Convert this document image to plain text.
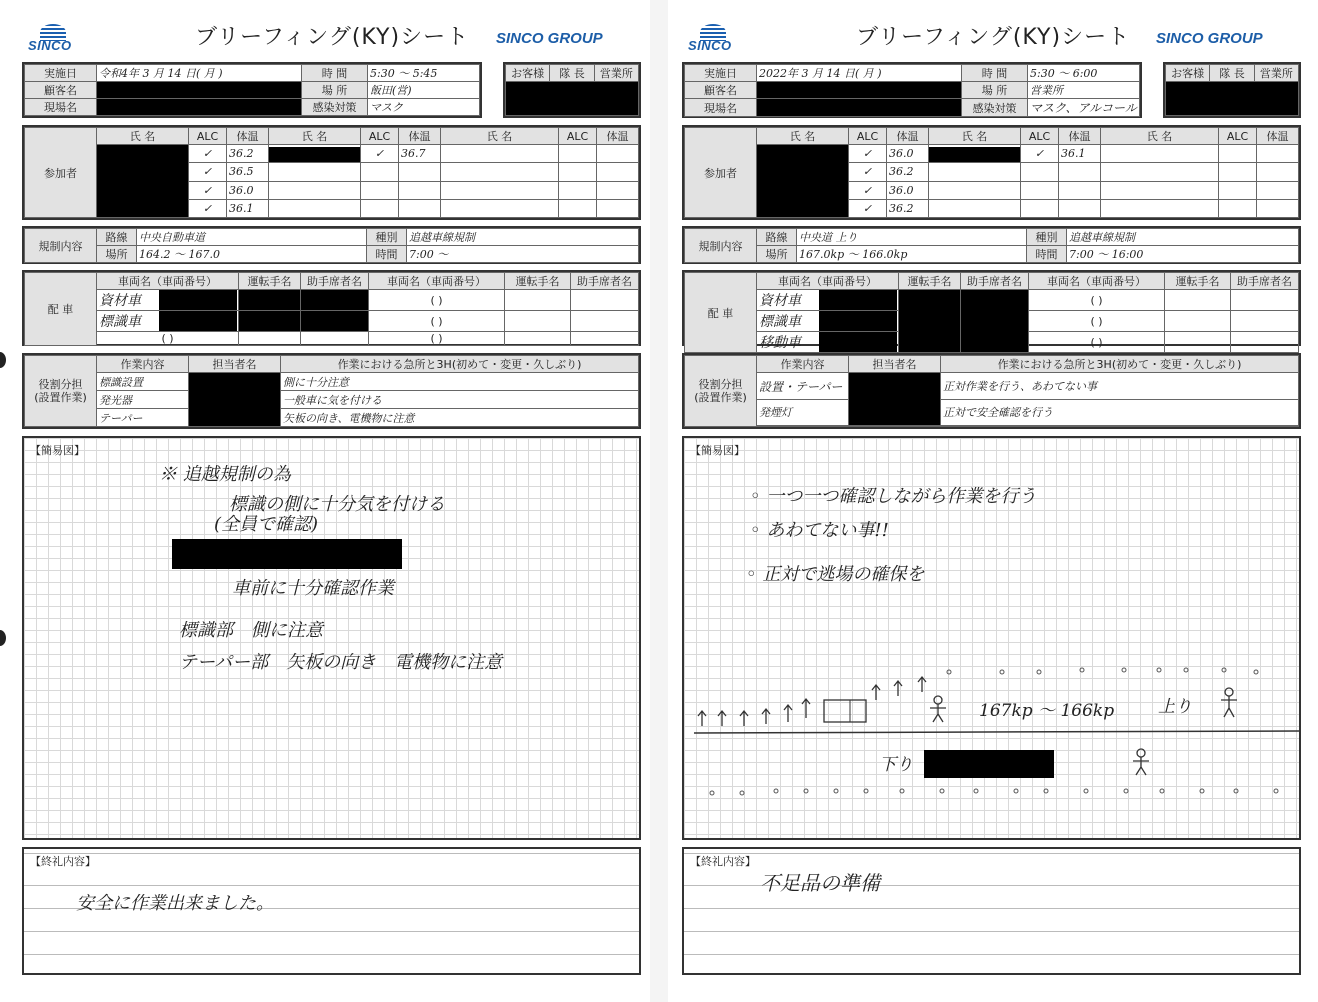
SINCO	ブリーフィング(KY)シート SINCO GROUP
実施日	令和4年 3 月 14 日( 月 )	時 間	5:30 〜 5:45
顧客名		場 所	飯田(営)
現場名		感染対策	マスク
お客様	隊 長	営業所

参加者	氏 名	ALC	体温	氏 名	ALC	体温	氏 名	ALC	体温

		✓	36.2		✓	36.7			
		✓	36.5						
		✓	36.0						
		✓	36.1						
規制内容	路線	中央自動車道	種別	追越車線規制
	場所	164.2 〜 167.0	時間	7:00 〜
配 車	車両名（車両番号）	運転手名	助手席者名	車両名（車両番号）	運転手名	助手席者名
	資材車			( )		
	標識車			( )		
	( )			( )		
役割分担
(設置作業)	作業内容	担当者名	作業における急所と3H(初めて・変更・久しぶり)
	標識設置		側に十分注意
	発光器		一般車に気を付ける
	テーパー		矢板の向き、電機物に注意
【簡易図】
※ 追越規制の為
標識の側に十分気を付ける
(全員で確認)
車前に十分確認作業
標識部　側に注意
テーパー部　矢板の向き　電機物に注意
【終礼内容】
安全に作業出来ました。
SINCO	ブリーフィング(KY)シート SINCO GROUP
実施日	2022年 3 月 14 日( 月 )	時 間	5:30 〜 6:00
顧客名		場 所	営業所
現場名		感染対策	マスク、アルコール
お客様	隊 長	営業所

参加者	氏 名	ALC	体温	氏 名	ALC	体温	氏 名	ALC	体温

		✓	36.0		✓	36.1			
		✓	36.2						
		✓	36.0						
		✓	36.2						
規制内容	路線	中央道 上り	種別	追越車線規制
	場所	167.0kp 〜 166.0kp	時間	7:00 〜 16:00
配 車	車両名（車両番号）	運転手名	助手席者名	車両名（車両番号）	運転手名	助手席者名
	資材車			( )		
	標識車			( )		
	移動車			( )		
役割分担
(設置作業)	作業内容	担当者名	作業における急所と3H(初めて・変更・久しぶり)
	設置・テーパー		正対作業を行う、あわてない事
	発煙灯		正対で安全確認を行う

【簡易図】
◦ 一つ一つ確認しながら作業を行う
◦ あわてない事!!
◦ 正対で逃場の確保を
167kp 〜 166kp	上り
下り
【終礼内容】
不足品の準備
